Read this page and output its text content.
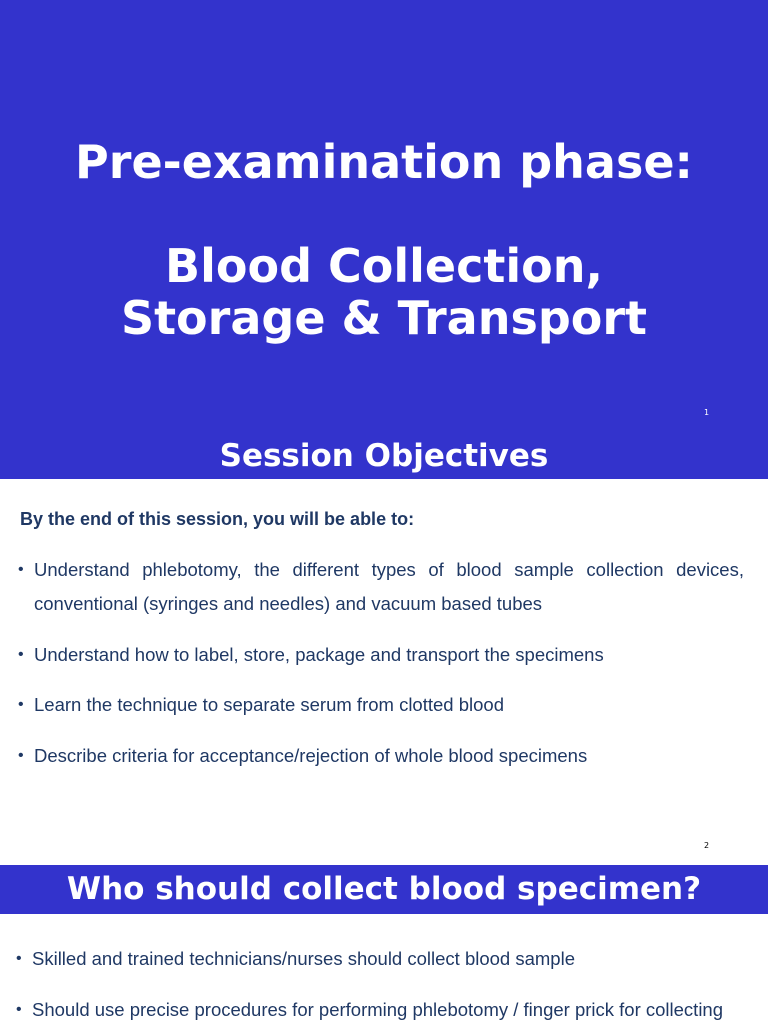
Pre-examination phase:
Blood Collection,
Storage & Transport
1
Session Objectives
By the end of this session, you will be able to:
• Understand phlebotomy, the different types of blood sample collection devices, conventional (syringes and needles) and vacuum based tubes
• Understand how to label, store, package and transport the specimens
• Learn the technique to separate serum from clotted blood
• Describe criteria for acceptance/rejection of whole blood specimens
2
Who should collect blood specimen?
• Skilled and trained technicians/nurses should collect blood sample
• Should use precise procedures for performing phlebotomy / finger prick for collecting
